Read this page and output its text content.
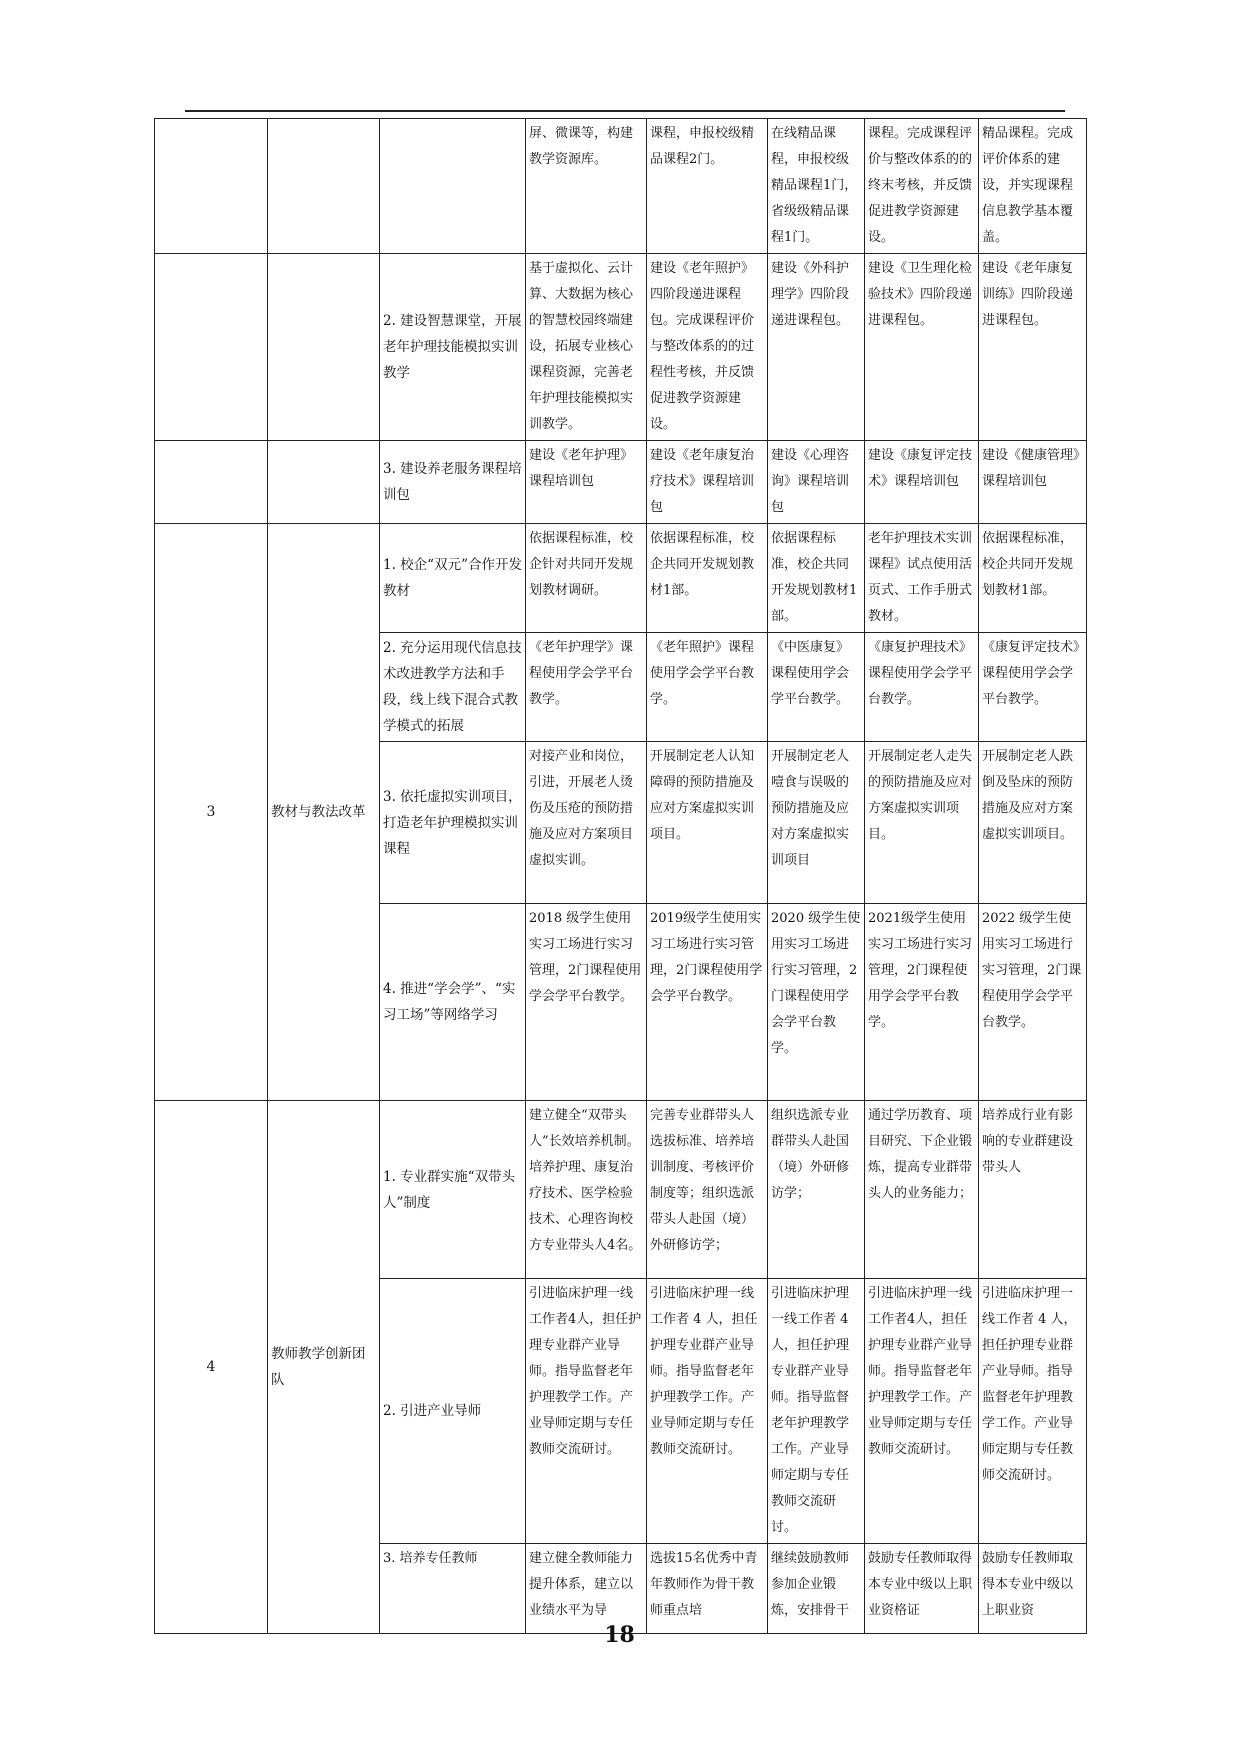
			屏、微课等，构建教学资源库。	课程，申报校级精品课程2门。	在线精品课程，申报校级精品课程1门，省级级精品课程1门。	课程。完成课程评价与整改体系的的终末考核，并反馈促进教学资源建设。	精品课程。完成评价体系的建设，并实现课程信息教学基本覆盖。
		2. 建设智慧课堂，开展老年护理技能模拟实训教学	基于虚拟化、云计算、大数据为核心的智慧校园终端建设，拓展专业核心课程资源，完善老年护理技能模拟实训教学。	建设《老年照护》四阶段递进课程包。完成课程评价与整改体系的的过程性考核，并反馈促进教学资源建设。	建设《外科护理学》四阶段递进课程包。	建设《卫生理化检验技术》四阶段递进课程包。	建设《老年康复训练》四阶段递进课程包。
		3. 建设养老服务课程培训包	建设《老年护理》课程培训包	建设《老年康复治疗技术》课程培训包	建设《心理咨询》课程培训包	建设《康复评定技术》课程培训包	建设《健康管理》课程培训包
3	教材与教法改革	1. 校企“双元”合作开发教材	依据课程标准，校企针对共同开发规划教材调研。	依据课程标准，校企共同开发规划教材1部。	依据课程标准，校企共同开发规划教材1部。	老年护理技术实训课程》试点使用活页式、工作手册式教材。	依据课程标准，校企共同开发规划教材1部。
		2. 充分运用现代信息技术改进教学方法和手段，线上线下混合式教学模式的拓展	《老年护理学》课程使用学会学平台教学。	《老年照护》课程使用学会学平台教学。	《中医康复》课程使用学会学平台教学。	《康复护理技术》课程使用学会学平台教学。	《康复评定技术》课程使用学会学平台教学。
		3. 依托虚拟实训项目，打造老年护理模拟实训课程	对接产业和岗位，引进，开展老人烫伤及压疮的预防措施及应对方案项目虚拟实训。	开展制定老人认知障碍的预防措施及应对方案虚拟实训项目。	开展制定老人噎食与误吸的预防措施及应对方案虚拟实训项目	开展制定老人走失的预防措施及应对方案虚拟实训项目。	开展制定老人跌倒及坠床的预防措施及应对方案虚拟实训项目。
		4. 推进“学会学”、“实习工场”等网络学习	2018 级学生使用实习工场进行实习管理，2门课程使用学会学平台教学。	2019级学生使用实习工场进行实习管理，2门课程使用学会学平台教学。	2020 级学生使用实习工场进行实习管理，2 门课程使用学会学平台教学。	2021级学生使用实习工场进行实习管理，2门课程使用学会学平台教学。	2022 级学生使用实习工场进行实习管理，2门课程使用学会学平台教学。
4	教师教学创新团队	1. 专业群实施“双带头人”制度	建立健全“双带头人”长效培养机制。培养护理、康复治疗技术、医学检验技术、心理咨询校方专业带头人4名。	完善专业群带头人选拔标准、培养培训制度、考核评价制度等；组织选派带头人赴国（境）外研修访学；	组织选派专业群带头人赴国（境）外研修访学；	通过学历教育、项目研究、下企业锻炼，提高专业群带头人的业务能力；	培养成行业有影响的专业群建设带头人
		2. 引进产业导师	引进临床护理一线工作者4人，担任护理专业群产业导师。指导监督老年护理教学工作。产业导师定期与专任教师交流研讨。	引进临床护理一线工作者 4 人，担任护理专业群产业导师。指导监督老年护理教学工作。产业导师定期与专任教师交流研讨。	引进临床护理一线工作者 4 人，担任护理专业群产业导师。指导监督老年护理教学工作。产业导师定期与专任教师交流研讨。	引进临床护理一线工作者4人，担任护理专业群产业导师。指导监督老年护理教学工作。产业导师定期与专任教师交流研讨。	引进临床护理一线工作者 4 人，担任护理专业群产业导师。指导监督老年护理教学工作。产业导师定期与专任教师交流研讨。
		3. 培养专任教师	建立健全教师能力提升体系，建立以业绩水平为导	选拔15名优秀中青年教师作为骨干教师重点培	继续鼓励教师参加企业锻炼，安排骨干	鼓励专任教师取得本专业中级以上职业资格证	鼓励专任教师取得本专业中级以上职业资
18
